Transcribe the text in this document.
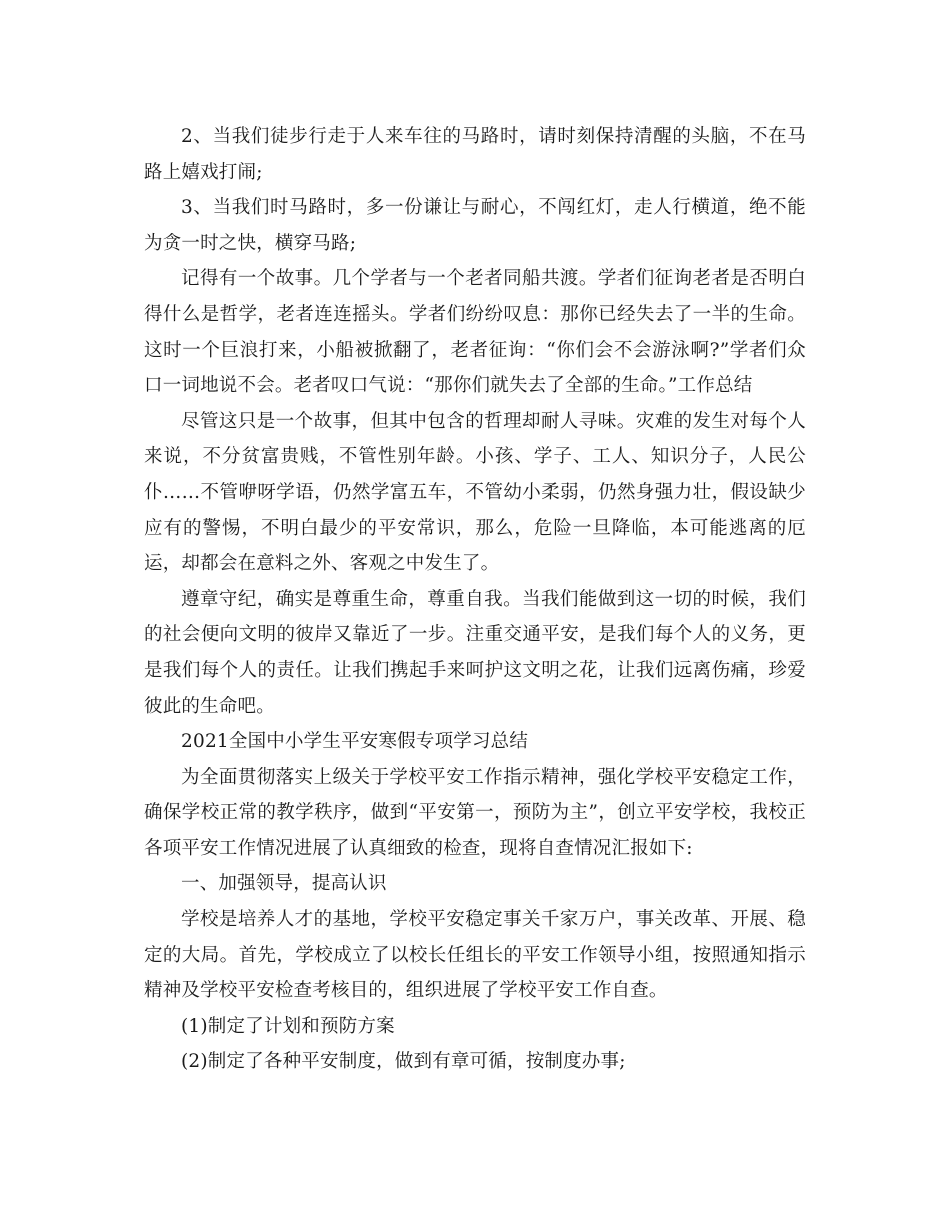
2、当我们徒步行走于人来车往的马路时，请时刻保持清醒的头脑，不在马路上嬉戏打闹;

3、当我们时马路时，多一份谦让与耐心，不闯红灯，走人行横道，绝不能为贪一时之快，横穿马路;

记得有一个故事。几个学者与一个老者同船共渡。学者们征询老者是否明白得什么是哲学，老者连连摇头。学者们纷纷叹息：那你已经失去了一半的生命。这时一个巨浪打来，小船被掀翻了，老者征询：“你们会不会游泳啊?”学者们众口一词地说不会。老者叹口气说：“那你们就失去了全部的生命。”工作总结

尽管这只是一个故事，但其中包含的哲理却耐人寻味。灾难的发生对每个人来说，不分贫富贵贱，不管性别年龄。小孩、学子、工人、知识分子，人民公仆……不管咿呀学语，仍然学富五车，不管幼小柔弱，仍然身强力壮，假设缺少应有的警惕，不明白最少的平安常识，那么，危险一旦降临，本可能逃离的厄运，却都会在意料之外、客观之中发生了。

遵章守纪，确实是尊重生命，尊重自我。当我们能做到这一切的时候，我们的社会便向文明的彼岸又靠近了一步。注重交通平安，是我们每个人的义务，更是我们每个人的责任。让我们携起手来呵护这文明之花，让我们远离伤痛，珍爱彼此的生命吧。

2021全国中小学生平安寒假专项学习总结

为全面贯彻落实上级关于学校平安工作指示精神，强化学校平安稳定工作，确保学校正常的教学秩序，做到“平安第一，预防为主”，创立平安学校，我校正各项平安工作情况进展了认真细致的检查，现将自查情况汇报如下:

一、加强领导，提高认识

学校是培养人才的基地，学校平安稳定事关千家万户，事关改革、开展、稳定的大局。首先，学校成立了以校长任组长的平安工作领导小组，按照通知指示精神及学校平安检查考核目的，组织进展了学校平安工作自查。

(1)制定了计划和预防方案

(2)制定了各种平安制度，做到有章可循，按制度办事;
